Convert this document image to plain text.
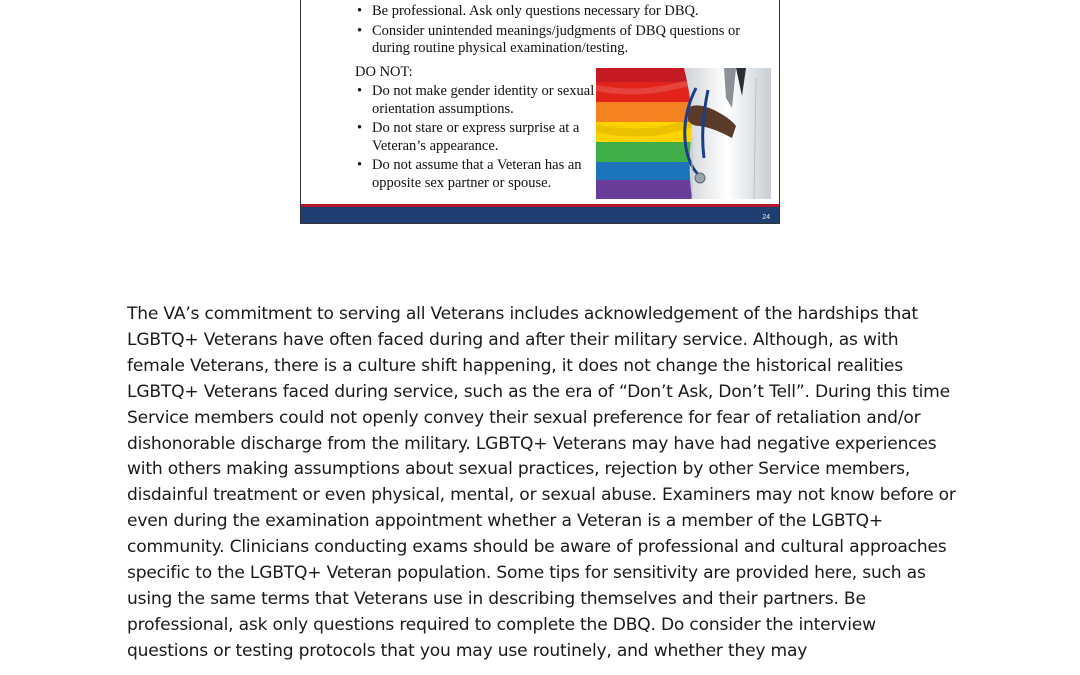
• Be professional. Ask only questions necessary for DBQ.
• Consider unintended meanings/judgments of DBQ questions or during routine physical examination/testing.
DO NOT:
• Do not make gender identity or sexual orientation assumptions.
• Do not stare or express surprise at a Veteran’s appearance.
• Do not assume that a Veteran has an opposite sex partner or spouse.
24

The VA’s commitment to serving all Veterans includes acknowledgement of the hardships that LGBTQ+ Veterans have often faced during and after their military service. Although, as with female Veterans, there is a culture shift happening, it does not change the historical realities LGBTQ+ Veterans faced during service, such as the era of “Don’t Ask, Don’t Tell”. During this time Service members could not openly convey their sexual preference for fear of retaliation and/or dishonorable discharge from the military. LGBTQ+ Veterans may have had negative experiences with others making assumptions about sexual practices, rejection by other Service members, disdainful treatment or even physical, mental, or sexual abuse. Examiners may not know before or even during the examination appointment whether a Veteran is a member of the LGBTQ+ community. Clinicians conducting exams should be aware of professional and cultural approaches specific to the LGBTQ+ Veteran population. Some tips for sensitivity are provided here, such as using the same terms that Veterans use in describing themselves and their partners. Be professional, ask only questions required to complete the DBQ. Do consider the interview questions or testing protocols that you may use routinely, and whether they may
